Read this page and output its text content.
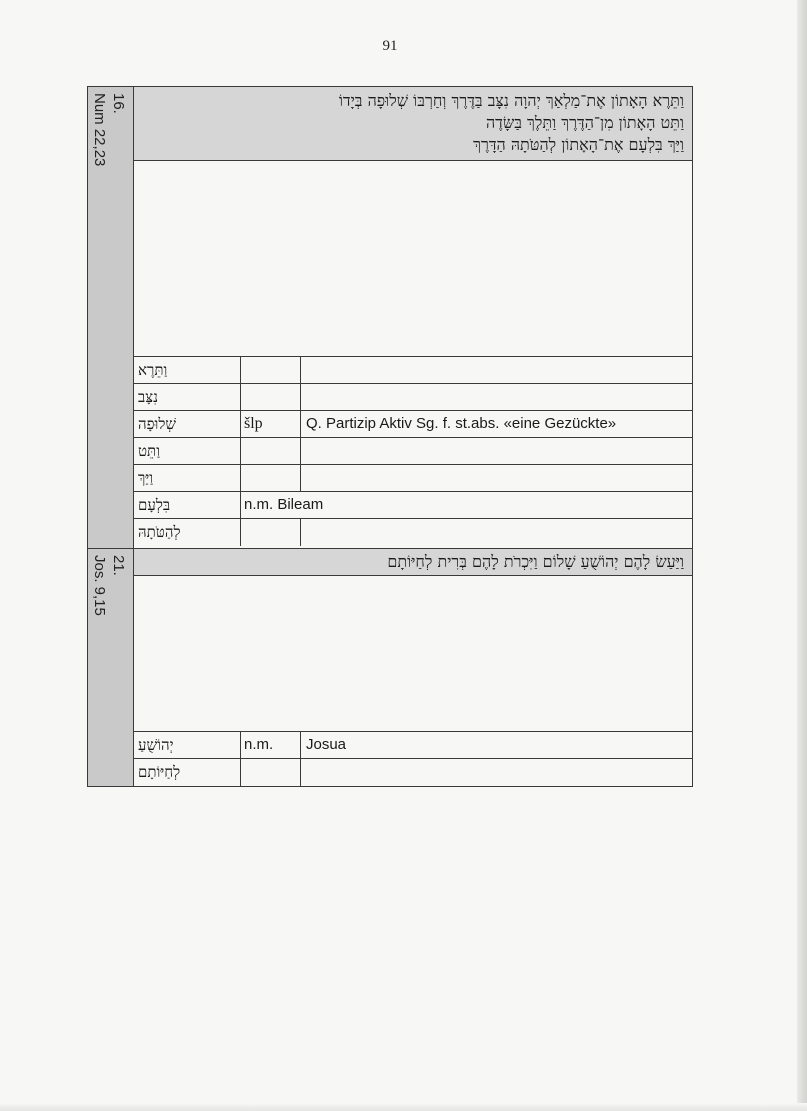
91
16.
Num 22,23	וַתֵּרֶא הָאָתוֹן אֶת־מַלְאַךְ יְהוָה נִצָּב בַּדֶּרֶךְ וְחַרְבּוֹ שְׁלוּפָה בְּיָדוֹ
וַתֵּט הָאָתוֹן מִן־הַדֶּרֶךְ וַתֵּלֶךְ בַּשָּׂדֶה
וַיַּךְ בִּלְעָם אֶת־הָאָתוֹן לְהַטֹּתָהּ הַדָּרֶךְ
וַתֵּרֶא
נִצָּב
שְׁלוּפָה	šlp	Q. Partizip Aktiv Sg. f. st.abs. «eine Gezückte»
וַתֵּט
וַיַּךְ
בִּלְעָם	n.m. Bileam
לְהַטֹּתָהּ
21.
Jos. 9,15	וַיַּעַשׂ לָהֶם יְהוֹשֻׁעַ שָׁלוֹם וַיִּכְרֹת לָהֶם בְּרִית לְחַיּוֹתָם
יְהוֹשֻׁעַ	n.m.	Josua
לְחַיּוֹתָם
